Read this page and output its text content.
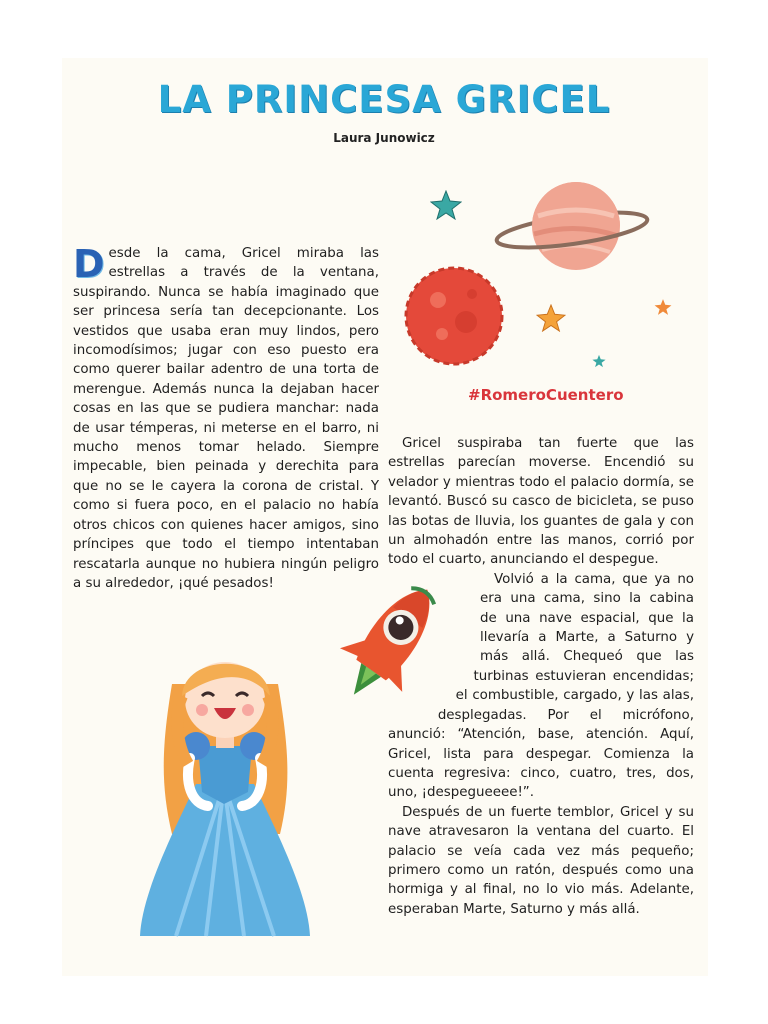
LA PRINCESA GRICEL
Laura Junowicz
#RomeroCuentero

Desde la cama, Gricel miraba las estrellas a través de la ventana, suspirando. Nunca se había imaginado que ser princesa sería tan decepcionante. Los vestidos que usaba eran muy lindos, pero incomodísimos; jugar con eso puesto era como querer bailar adentro de una torta de merengue. Además nunca la dejaban hacer cosas en las que se pudiera manchar: nada de usar témperas, ni meterse en el barro, ni mucho menos tomar helado. Siempre impecable, bien peinada y derechita para que no se le cayera la corona de cristal. Y como si fuera poco, en el palacio no había otros chicos con quienes hacer amigos, sino príncipes que todo el tiempo intentaban rescatarla aunque no hubiera ningún peligro a su alrededor, ¡qué pesados!

Gricel suspiraba tan fuerte que las estrellas parecían moverse. Encendió su velador y mientras todo el palacio dormía, se levantó. Buscó su casco de bicicleta, se puso las botas de lluvia, los guantes de gala y con un almohadón entre las manos, corrió por todo el cuarto, anunciando el despegue.

Volvió a la cama, que ya no era una cama, sino la cabina de una nave espacial, que la llevaría a Marte, a Saturno y más allá. Chequeó que las turbinas estuvieran encendidas; el combustible, cargado, y las alas, desplegadas. Por el micrófono, anunció: “Atención, base, atención. Aquí, Gricel, lista para despegar. Comienza la cuenta regresiva: cinco, cuatro, tres, dos, uno, ¡despegueeee!”.

Después de un fuerte temblor, Gricel y su nave atravesaron la ventana del cuarto. El palacio se veía cada vez más pequeño; primero como un ratón, después como una hormiga y al final, no lo vio más. Adelante, esperaban Marte, Saturno y más allá.
